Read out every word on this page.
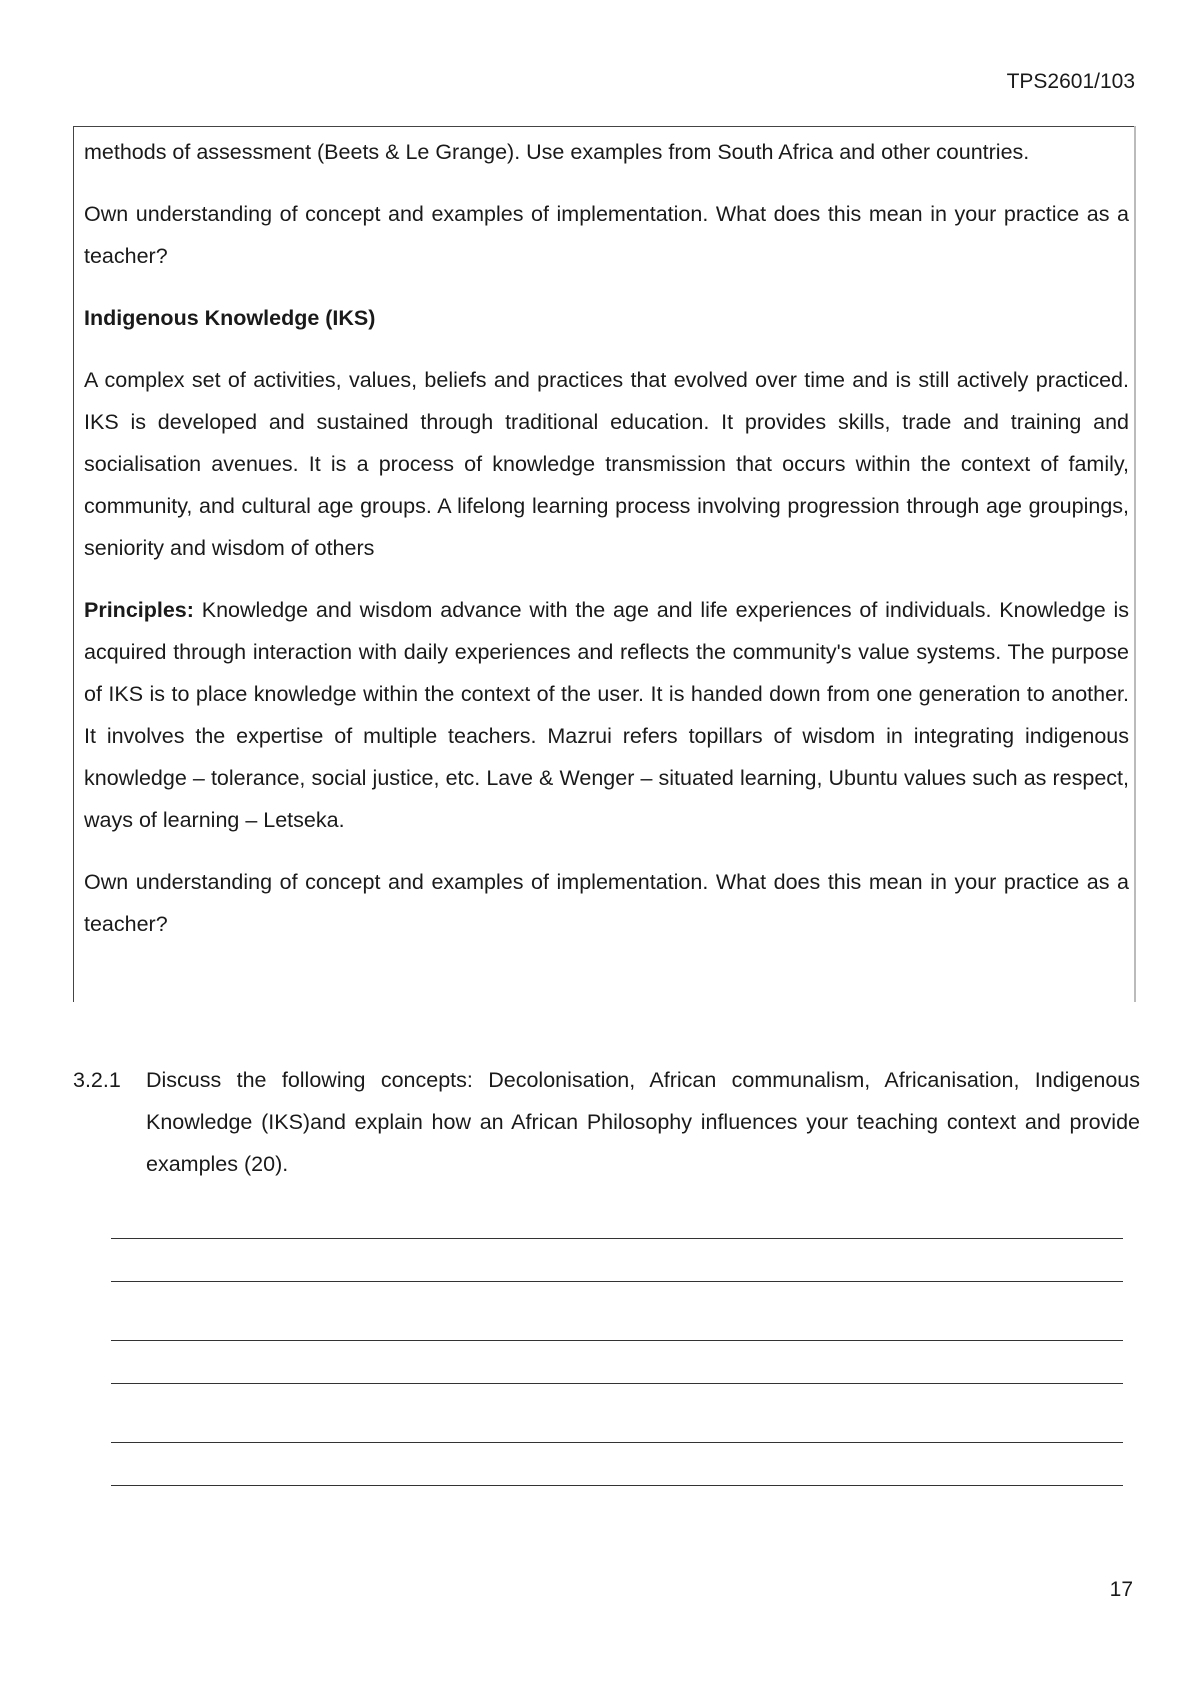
TPS2601/103

methods of assessment (Beets & Le Grange). Use examples from South Africa and other countries.

Own understanding of concept and examples of implementation. What does this mean in your practice as a teacher?

Indigenous Knowledge (IKS)

A complex set of activities, values, beliefs and practices that evolved over time and is still actively practiced. IKS is developed and sustained through traditional education. It provides skills, trade and training and socialisation avenues. It is a process of knowledge transmission that occurs within the context of family, community, and cultural age groups. A lifelong learning process involving progression through age groupings, seniority and wisdom of others

Principles: Knowledge and wisdom advance with the age and life experiences of individuals. Knowledge is acquired through interaction with daily experiences and reflects the community's value systems. The purpose of IKS is to place knowledge within the context of the user. It is handed down from one generation to another. It involves the expertise of multiple teachers. Mazrui refers topillars of wisdom in integrating indigenous knowledge – tolerance, social justice, etc. Lave & Wenger – situated learning, Ubuntu values such as respect, ways of learning – Letseka.

Own understanding of concept and examples of implementation. What does this mean in your practice as a teacher?

3.2.1 Discuss the following concepts: Decolonisation, African communalism, Africanisation, Indigenous Knowledge (IKS)and explain how an African Philosophy influences your teaching context and provide examples (20).
17
